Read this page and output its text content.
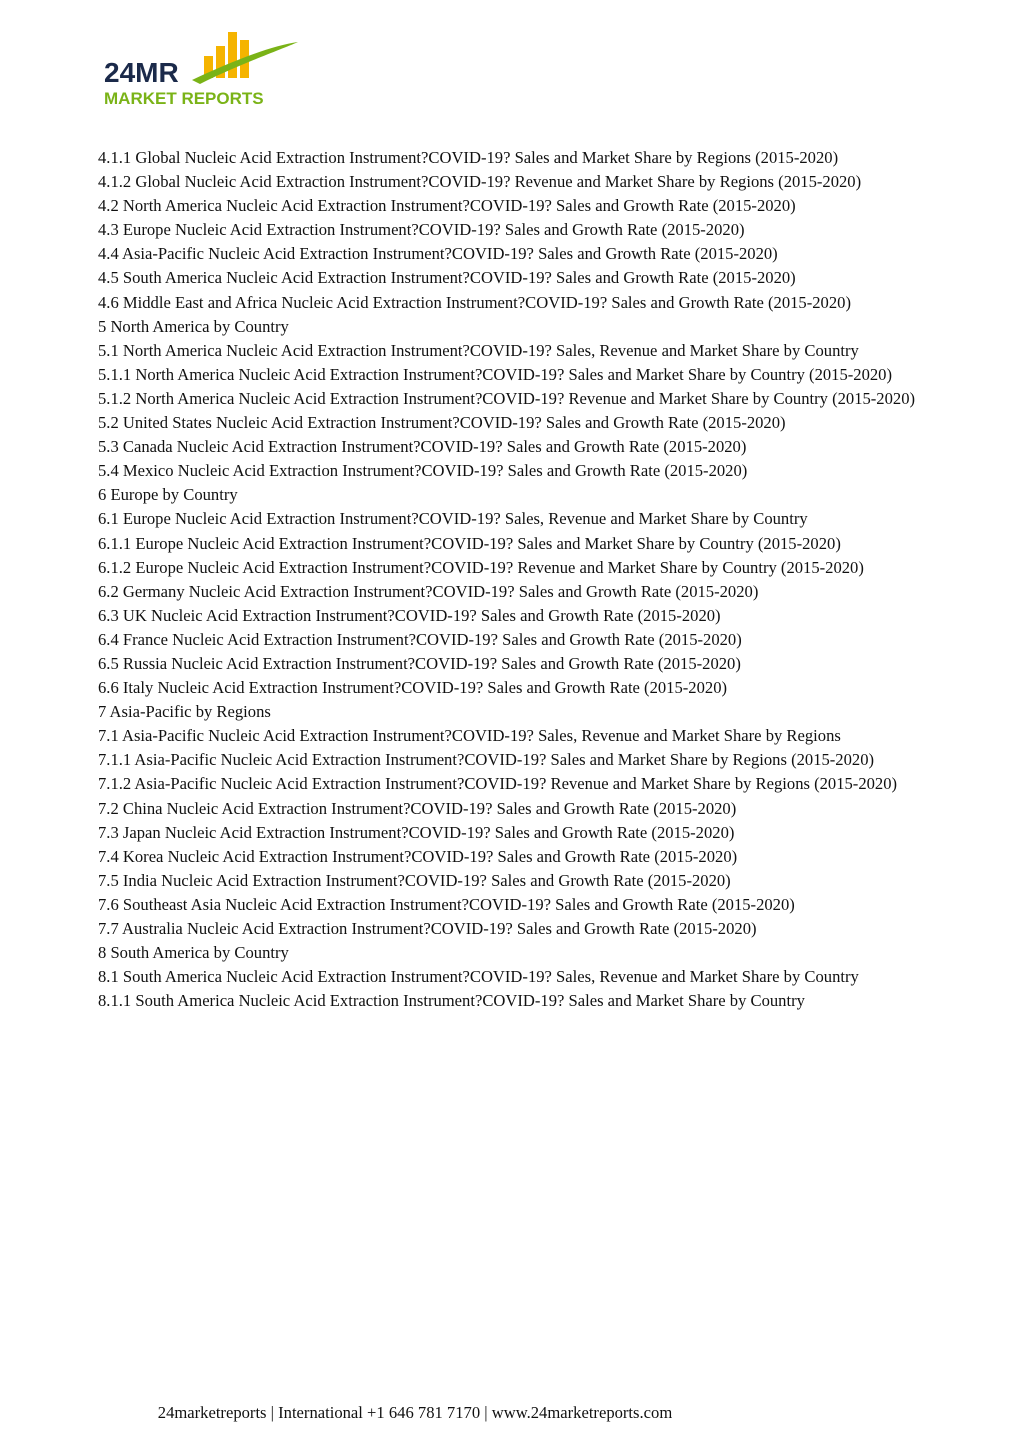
24MR
MARKET REPORTS

4.1.1 Global Nucleic Acid Extraction Instrument?COVID-19? Sales and Market Share by Regions (2015-2020)

4.1.2 Global Nucleic Acid Extraction Instrument?COVID-19? Revenue and Market Share by Regions (2015-2020)

4.2 North America Nucleic Acid Extraction Instrument?COVID-19? Sales and Growth Rate (2015-2020)

4.3 Europe Nucleic Acid Extraction Instrument?COVID-19? Sales and Growth Rate (2015-2020)

4.4 Asia-Pacific Nucleic Acid Extraction Instrument?COVID-19? Sales and Growth Rate (2015-2020)

4.5 South America Nucleic Acid Extraction Instrument?COVID-19? Sales and Growth Rate (2015-2020)

4.6 Middle East and Africa Nucleic Acid Extraction Instrument?COVID-19? Sales and Growth Rate (2015-2020)

5 North America by Country

5.1 North America Nucleic Acid Extraction Instrument?COVID-19? Sales, Revenue and Market Share by Country

5.1.1 North America Nucleic Acid Extraction Instrument?COVID-19? Sales and Market Share by Country (2015-2020)

5.1.2 North America Nucleic Acid Extraction Instrument?COVID-19? Revenue and Market Share by Country (2015-2020)

5.2 United States Nucleic Acid Extraction Instrument?COVID-19? Sales and Growth Rate (2015-2020)

5.3 Canada Nucleic Acid Extraction Instrument?COVID-19? Sales and Growth Rate (2015-2020)

5.4 Mexico Nucleic Acid Extraction Instrument?COVID-19? Sales and Growth Rate (2015-2020)

6 Europe by Country

6.1 Europe Nucleic Acid Extraction Instrument?COVID-19? Sales, Revenue and Market Share by Country

6.1.1 Europe Nucleic Acid Extraction Instrument?COVID-19? Sales and Market Share by Country (2015-2020)

6.1.2 Europe Nucleic Acid Extraction Instrument?COVID-19? Revenue and Market Share by Country (2015-2020)

6.2 Germany Nucleic Acid Extraction Instrument?COVID-19? Sales and Growth Rate (2015-2020)

6.3 UK Nucleic Acid Extraction Instrument?COVID-19? Sales and Growth Rate (2015-2020)

6.4 France Nucleic Acid Extraction Instrument?COVID-19? Sales and Growth Rate (2015-2020)

6.5 Russia Nucleic Acid Extraction Instrument?COVID-19? Sales and Growth Rate (2015-2020)

6.6 Italy Nucleic Acid Extraction Instrument?COVID-19? Sales and Growth Rate (2015-2020)

7 Asia-Pacific by Regions

7.1 Asia-Pacific Nucleic Acid Extraction Instrument?COVID-19? Sales, Revenue and Market Share by Regions

7.1.1 Asia-Pacific Nucleic Acid Extraction Instrument?COVID-19? Sales and Market Share by Regions (2015-2020)

7.1.2 Asia-Pacific Nucleic Acid Extraction Instrument?COVID-19? Revenue and Market Share by Regions (2015-2020)

7.2 China Nucleic Acid Extraction Instrument?COVID-19? Sales and Growth Rate (2015-2020)

7.3 Japan Nucleic Acid Extraction Instrument?COVID-19? Sales and Growth Rate (2015-2020)

7.4 Korea Nucleic Acid Extraction Instrument?COVID-19? Sales and Growth Rate (2015-2020)

7.5 India Nucleic Acid Extraction Instrument?COVID-19? Sales and Growth Rate (2015-2020)

7.6 Southeast Asia Nucleic Acid Extraction Instrument?COVID-19? Sales and Growth Rate (2015-2020)

7.7 Australia Nucleic Acid Extraction Instrument?COVID-19? Sales and Growth Rate (2015-2020)

8 South America by Country

8.1 South America Nucleic Acid Extraction Instrument?COVID-19? Sales, Revenue and Market Share by Country

8.1.1 South America Nucleic Acid Extraction Instrument?COVID-19? Sales and Market Share by Country

24marketreports | International +1 646 781 7170 | www.24marketreports.com
